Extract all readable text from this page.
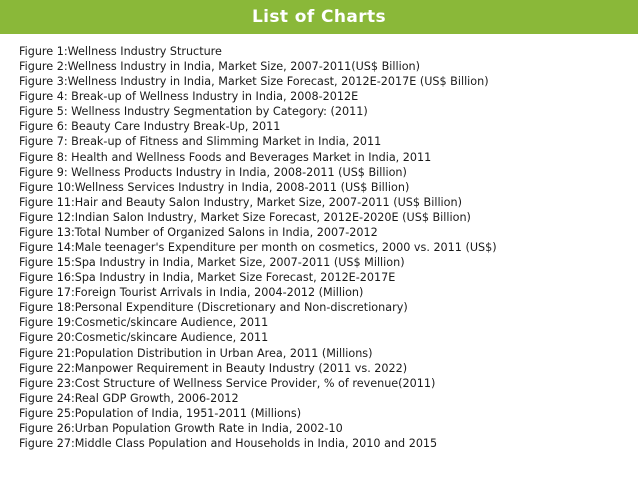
List of Charts
Figure 1:Wellness Industry Structure
Figure 2:Wellness Industry in India, Market Size, 2007-2011(US$ Billion)
Figure 3:Wellness Industry in India, Market Size Forecast, 2012E-2017E (US$ Billion)
Figure 4: Break-up of Wellness Industry in India, 2008-2012E
Figure 5: Wellness Industry Segmentation by Category: (2011)
Figure 6: Beauty Care Industry Break-Up, 2011
Figure 7: Break-up of Fitness and Slimming Market in India, 2011
Figure 8: Health and Wellness Foods and Beverages Market in India, 2011
Figure 9: Wellness Products Industry in India, 2008-2011 (US$ Billion)
Figure 10:Wellness Services Industry in India, 2008-2011 (US$ Billion)
Figure 11:Hair and Beauty Salon Industry, Market Size, 2007-2011 (US$ Billion)
Figure 12:Indian Salon Industry, Market Size Forecast, 2012E-2020E (US$ Billion)
Figure 13:Total Number of Organized Salons in India, 2007-2012
Figure 14:Male teenager's Expenditure per month on cosmetics, 2000 vs. 2011 (US$)
Figure 15:Spa Industry in India, Market Size, 2007-2011 (US$ Million)
Figure 16:Spa Industry in India, Market Size Forecast, 2012E-2017E
Figure 17:Foreign Tourist Arrivals in India, 2004-2012 (Million)
Figure 18:Personal Expenditure (Discretionary and Non-discretionary)
Figure 19:Cosmetic/skincare Audience, 2011
Figure 20:Cosmetic/skincare Audience, 2011
Figure 21:Population Distribution in Urban Area, 2011 (Millions)
Figure 22:Manpower Requirement in Beauty Industry (2011 vs. 2022)
Figure 23:Cost Structure of Wellness Service Provider, % of revenue(2011)
Figure 24:Real GDP Growth, 2006-2012
Figure 25:Population of India, 1951-2011 (Millions)
Figure 26:Urban Population Growth Rate in India, 2002-10
Figure 27:Middle Class Population and Households in India, 2010 and 2015
